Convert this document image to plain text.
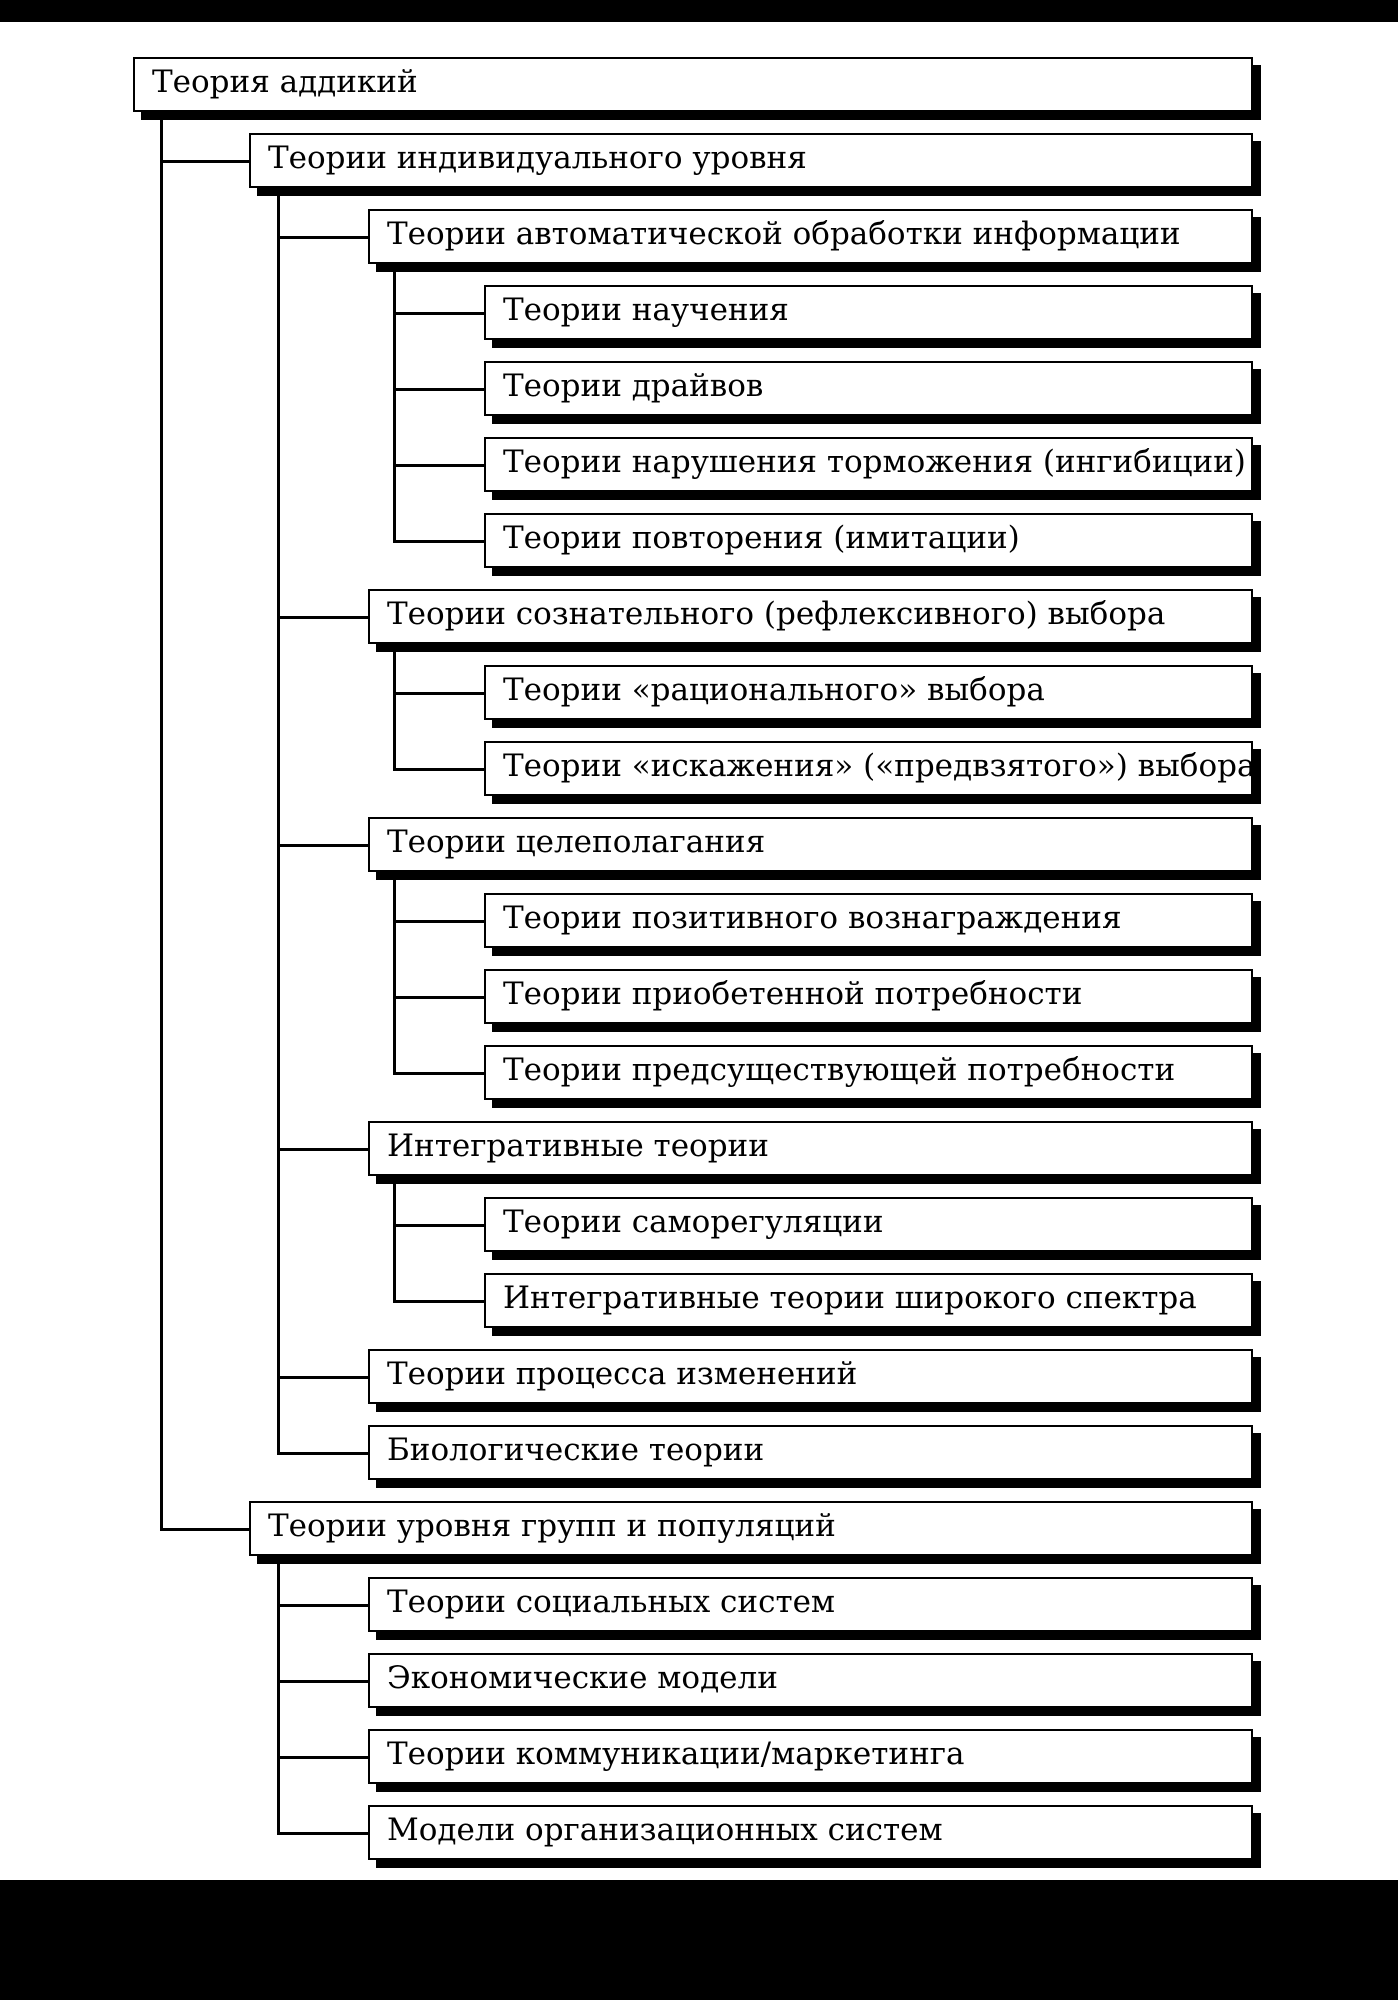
Теория аддикий
Теории индивидуального уровня
Теории автоматической обработки информации
Теории научения
Теории драйвов
Теории нарушения торможения (ингибиции)
Теории повторения (имитации)
Теории сознательного (рефлексивного) выбора
Теории «рационального» выбора
Теории «искажения» («предвзятого») выбора
Теории целеполагания
Теории позитивного вознаграждения
Теории приобетенной потребности
Теории предсуществующей потребности
Интегративные теории
Теории саморегуляции
Интегративные теории широкого спектра
Теории процесса изменений
Биологические теории
Теории уровня групп и популяций
Теории социальных систем
Экономические модели
Теории коммуникации/маркетинга
Модели организационных систем
